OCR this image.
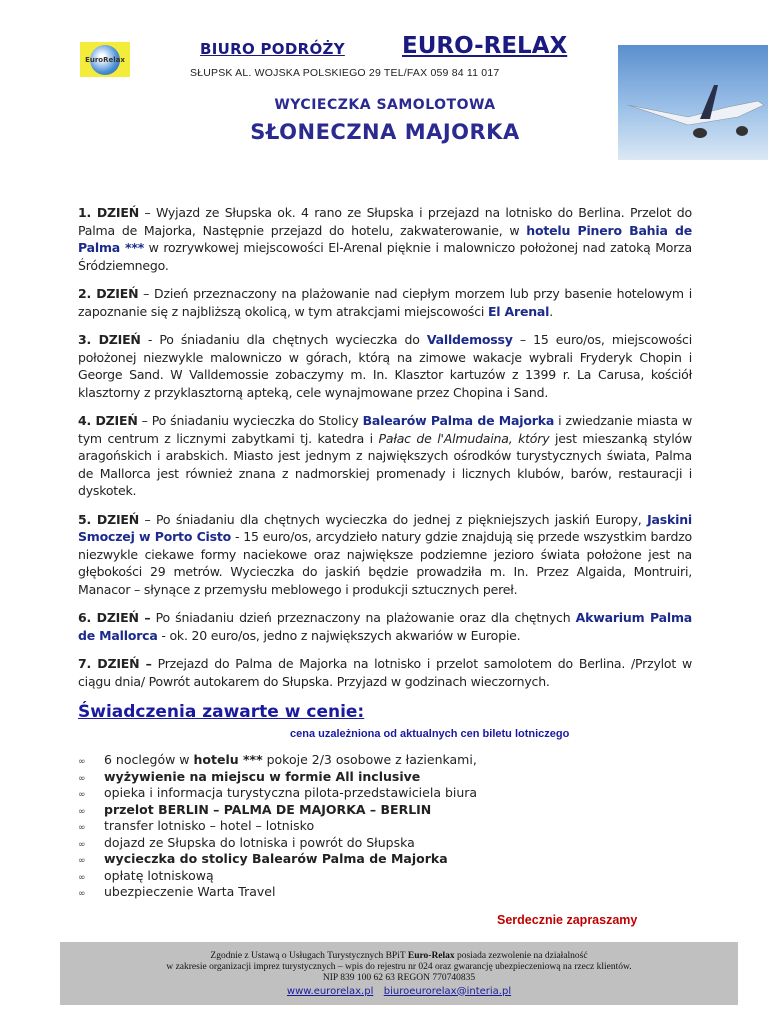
EuroRelax
BIURO PODRÓŻY EURO-RELAX
SŁUPSK AL. WOJSKA POLSKIEGO 29 TEL/FAX 059 84 11 017
WYCIECZKA SAMOLOTOWA
SŁONECZNA MAJORKA

1. DZIEŃ – Wyjazd ze Słupska ok. 4 rano ze Słupska i przejazd na lotnisko do Berlina. Przelot do Palma de Majorka, Następnie przejazd do hotelu, zakwaterowanie, w hotelu Pinero Bahia de Palma *** w rozrywkowej miejscowości El-Arenal pięknie i malowniczo położonej nad zatoką Morza Śródziemnego.

2. DZIEŃ – Dzień przeznaczony na plażowanie nad ciepłym morzem lub przy basenie hotelowym i zapoznanie się z najbliższą okolicą, w tym atrakcjami miejscowości El Arenal.

3. DZIEŃ - Po śniadaniu dla chętnych wycieczka do Valldemossy – 15 euro/os, miejscowości położonej niezwykle malowniczo w górach, którą na zimowe wakacje wybrali Fryderyk Chopin i George Sand. W Valldemossie zobaczymy m. In. Klasztor kartuzów z 1399 r. La Carusa, kościół klasztorny z przyklasztorną apteką, cele wynajmowane przez Chopina i Sand.

4. DZIEŃ – Po śniadaniu wycieczka do Stolicy Balearów Palma de Majorka i zwiedzanie miasta w tym centrum z licznymi zabytkami tj. katedra i Pałac de l'Almudaina, który jest mieszanką stylów aragońskich i arabskich. Miasto jest jednym z największych ośrodków turystycznych świata, Palma de Mallorca jest również znana z nadmorskiej promenady i licznych klubów, barów, restauracji i dyskotek.

5. DZIEŃ – Po śniadaniu dla chętnych wycieczka do jednej z piękniejszych jaskiń Europy, Jaskini Smoczej w Porto Cisto - 15 euro/os, arcydzieło natury gdzie znajdują się przede wszystkim bardzo niezwykle ciekawe formy naciekowe oraz największe podziemne jezioro świata położone jest na głębokości 29 metrów. Wycieczka do jaskiń będzie prowadziła m. In. Przez Algaida, Montruiri, Manacor – słynące z przemysłu meblowego i produkcji sztucznych pereł.

6. DZIEŃ – Po śniadaniu dzień przeznaczony na plażowanie oraz dla chętnych Akwarium Palma de Mallorca - ok. 20 euro/os, jedno z największych akwariów w Europie.

7. DZIEŃ – Przejazd do Palma de Majorka na lotnisko i przelot samolotem do Berlina. /Przylot w ciągu dnia/ Powrót autokarem do Słupska. Przyjazd w godzinach wieczornych.

Świadczenia zawarte w cenie:
cena uzależniona od aktualnych cen biletu lotniczego
∞ 6 noclegów w hotelu *** pokoje 2/3 osobowe z łazienkami,
∞ wyżywienie na miejscu w formie All inclusive
∞ opieka i informacja turystyczna pilota-przedstawiciela biura
∞ przelot BERLIN – PALMA DE MAJORKA – BERLIN
∞ transfer lotnisko – hotel – lotnisko
∞ dojazd ze Słupska do lotniska i powrót do Słupska
∞ wycieczka do stolicy Balearów Palma de Majorka
∞ opłatę lotniskową
∞ ubezpieczenie Warta Travel
Serdecznie zapraszamy
Zgodnie z Ustawą o Usługach Turystycznych BPiT Euro-Relax posiada zezwolenie na działalność
w zakresie organizacji imprez turystycznych – wpis do rejestru nr 024 oraz gwarancję ubezpieczeniową na rzecz klientów.
NIP 839 100 62 63 REGON 770740835
www.eurorelax.pl biuroeurorelax@interia.pl
